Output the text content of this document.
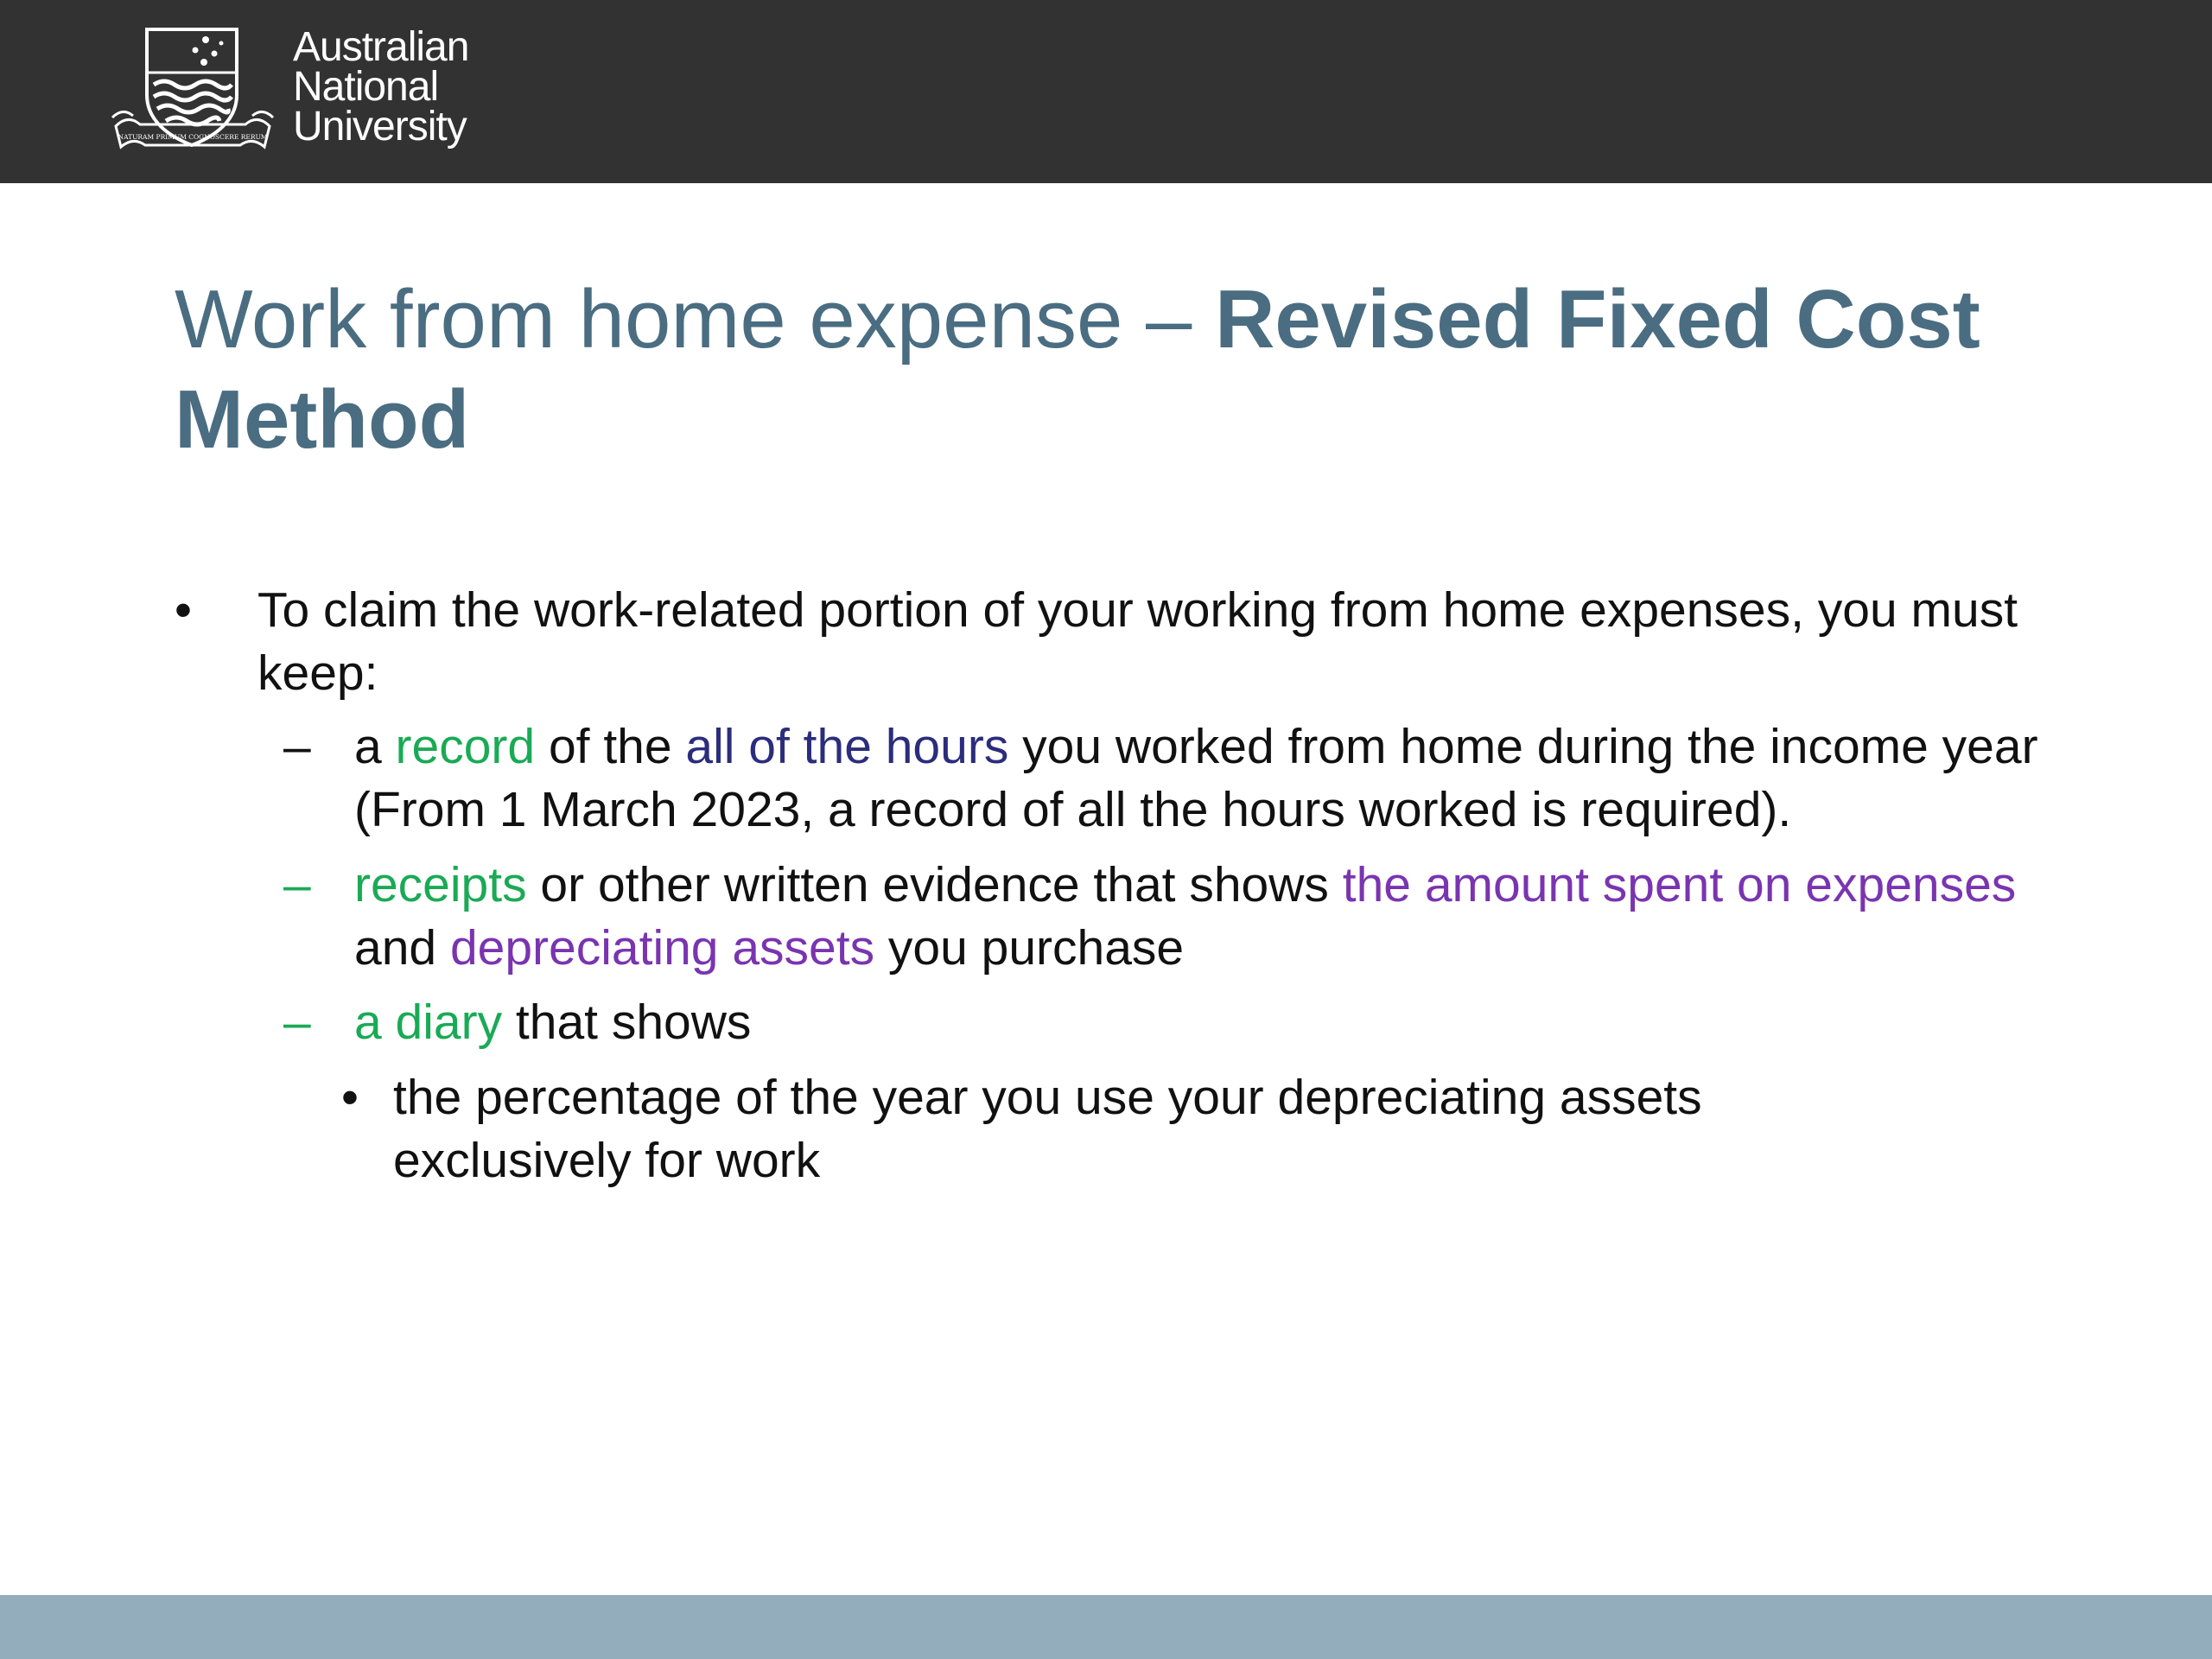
NATURAM PRIMUM COGNOSCERE RERUM
Australian
National
University
Work from home expense – Revised Fixed Cost
Method
• To claim the work-related portion of your working from home expenses, you must keep:
– a record of the all of the hours you worked from home during the income year (From 1 March 2023, a record of all the hours worked is required).
– receipts or other written evidence that shows the amount spent on expenses and depreciating assets you purchase
– a diary that shows
• the percentage of the year you use your depreciating assets exclusively for work
